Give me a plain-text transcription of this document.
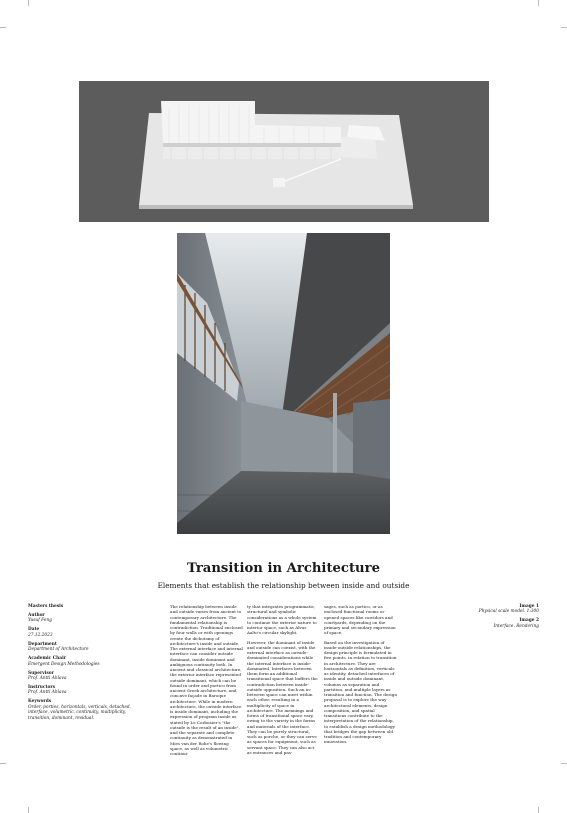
Transition in Architecture
Elements that establish the relationship between inside and outside
Masters thesis
Author
Yusuf Feng
Date
27.12.2023
Department
Department of Architecture
Academic Chair
Emergent Design Methodologies
Supervisor
Prof. Antti Ahlava
Instructors
Prof. Antti Ahlava
Keywords
Order, porties, horizontals, verticals, detached, interface, volumetric, continuity, multiplicity, transition, dominant, residual.

The relationship between inside and outside varies from ancient to contemporary architecture. The fundamental relationship is contradiction. Traditional enclosed by four walls or with openings create the dichotomy of architecture's inside and outside. The external interface and internal interface can consider outside dominant, inside dominant and ambiguous continuity both. In ancient and classical architecture, the exterior interface represented outside dominant, which can be found in order and portico from ancient Greek architecture, and concave façade in Baroque architecture. While in modern architecture, the outside interface is inside dominant, including the expression of program inside as stated by Le Corbusier's "the outside is the result of an inside", and the separate and complete continuity as demonstrated in Mies van der Rohe's flowing space, as well as volumetric continui-

ty that integrates programmatic, structural and symbolic considerations as a whole system to continue the exterior nature to interior space, such as Alvar Aalto's circular skylight.

However, the dominant of inside and outside can coexist, with the external interface as outside-dominated considerations while the internal interface is inside-dominated. Interfaces between them form an additional transitional space that buffers the contradiction between inside-outside opposition. Such an in-between space can meet within each other, resulting in a multiplicity of space in architecture. The meanings and forms of transitional space vary, owing to the variety in the forms and materials of the interface. They can be purely structural, such as porche, or they can serve as spaces for equipment, such as servant space. They can also act as entrances and pas-

sages, such as portico, or as enclosed functional rooms or opened spaces like corridors and courtyards, depending on the primary and secondary expression of space.

Based on the investigation of inside-outside relationships, the design principle is formulated in five points, in relation to transition in architecture. They are horizontals as definition, verticals as identity, detached interfaces of inside and outside dominant, volumes as separation and partition, and multiple layers as transition and function. The design proposal is to explore the way architectural elements, design composition, and spatial transitions contribute to the interpretation of the relationship, to establish a design methodology that bridges the gap between old tradition and contemporary innovation.

Image 1
Physical scale model. 1:300
Image 2
Interface. Rendering
